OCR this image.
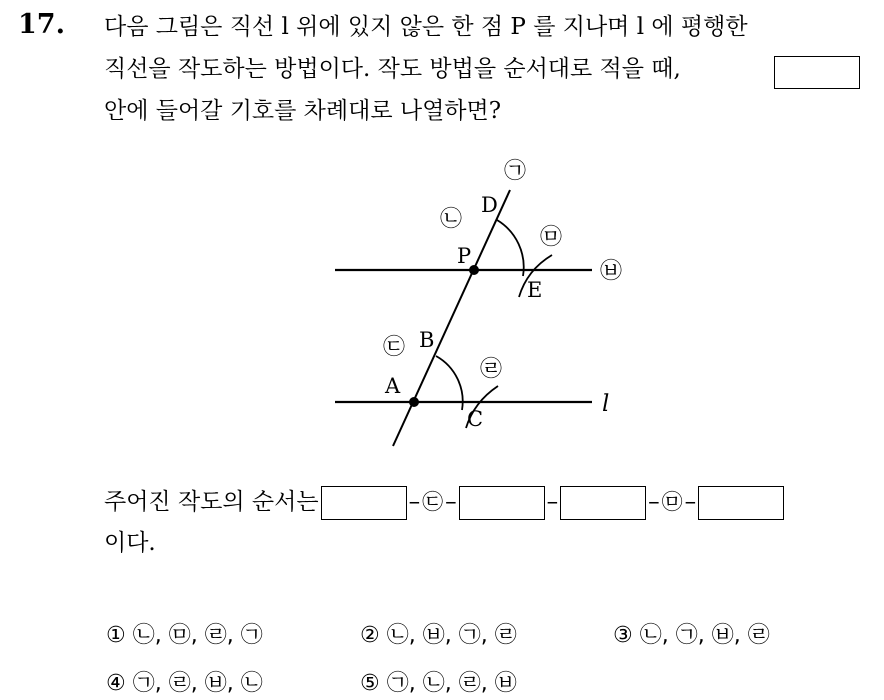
17. 다음 그림은 직선 l 위에 있지 않은 한 점 P 를 지나며 l 에 평행한
직선을 작도하는 방법이다. 작도 방법을 순서대로 적을 때,
안에 들어갈 기호를 차례대로 나열하면?
D
P
E
B
A
C
l
㉠
㉡
㉤
㉥
㉢
㉣
주어진 작도의 순서는	–㉢–	–	–㉤–
이다.
① ㉡, ㉤, ㉣, ㉠	② ㉡, ㉥, ㉠, ㉣	③ ㉡, ㉠, ㉥, ㉣
④ ㉠, ㉣, ㉥, ㉡	⑤ ㉠, ㉡, ㉣, ㉥
